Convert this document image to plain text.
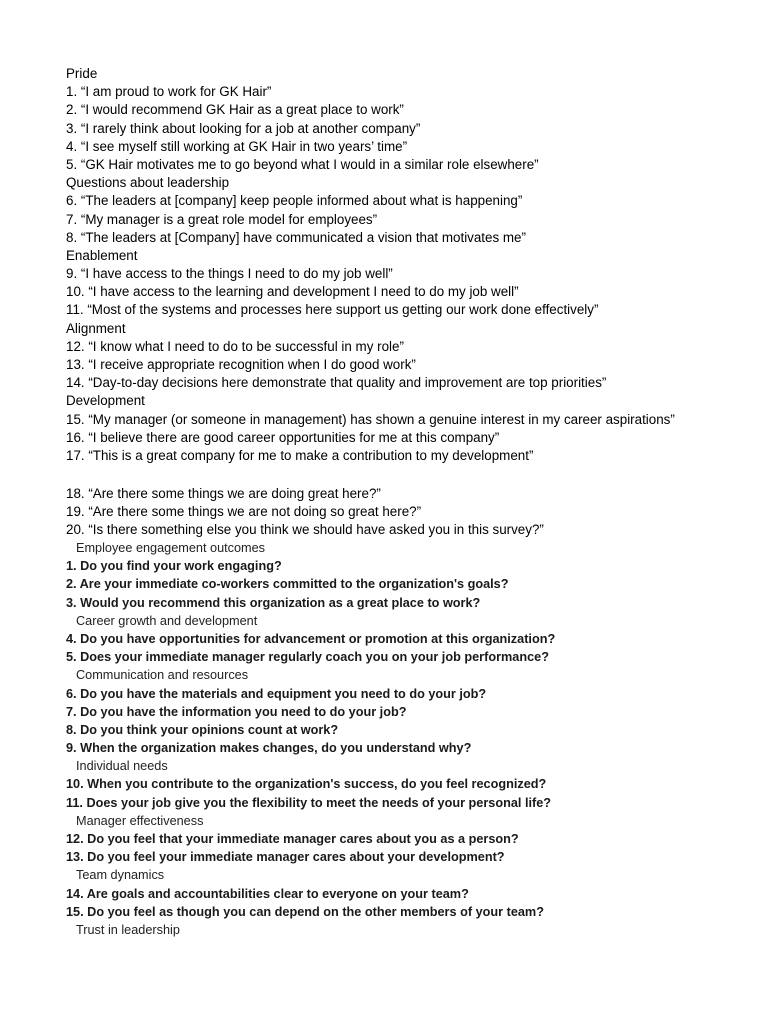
Pride
1. “I am proud to work for GK Hair”
2. “I would recommend GK Hair as a great place to work”
3. “I rarely think about looking for a job at another company”
4. “I see myself still working at GK Hair in two years’ time”
5. “GK Hair motivates me to go beyond what I would in a similar role elsewhere”
Questions about leadership
6. “The leaders at [company] keep people informed about what is happening”
7. “My manager is a great role model for employees”
8. “The leaders at [Company] have communicated a vision that motivates me”
Enablement
9. “I have access to the things I need to do my job well”
10. “I have access to the learning and development I need to do my job well”
11. “Most of the systems and processes here support us getting our work done effectively”
Alignment
12. “I know what I need to do to be successful in my role”
13. “I receive appropriate recognition when I do good work”
14. “Day-to-day decisions here demonstrate that quality and improvement are top priorities”
Development
15. “My manager (or someone in management) has shown a genuine interest in my career aspirations”
16. “I believe there are good career opportunities for me at this company”
17. “This is a great company for me to make a contribution to my development”
18. “Are there some things we are doing great here?”
19. “Are there some things we are not doing so great here?”
20. “Is there something else you think we should have asked you in this survey?”
Employee engagement outcomes
1. Do you find your work engaging?
2. Are your immediate co-workers committed to the organization's goals?
3. Would you recommend this organization as a great place to work?
Career growth and development
4. Do you have opportunities for advancement or promotion at this organization?
5. Does your immediate manager regularly coach you on your job performance?
Communication and resources
6. Do you have the materials and equipment you need to do your job?
7. Do you have the information you need to do your job?
8. Do you think your opinions count at work?
9. When the organization makes changes, do you understand why?
Individual needs
10. When you contribute to the organization's success, do you feel recognized?
11. Does your job give you the flexibility to meet the needs of your personal life?
Manager effectiveness
12. Do you feel that your immediate manager cares about you as a person?
13. Do you feel your immediate manager cares about your development?
Team dynamics
14. Are goals and accountabilities clear to everyone on your team?
15. Do you feel as though you can depend on the other members of your team?
Trust in leadership
